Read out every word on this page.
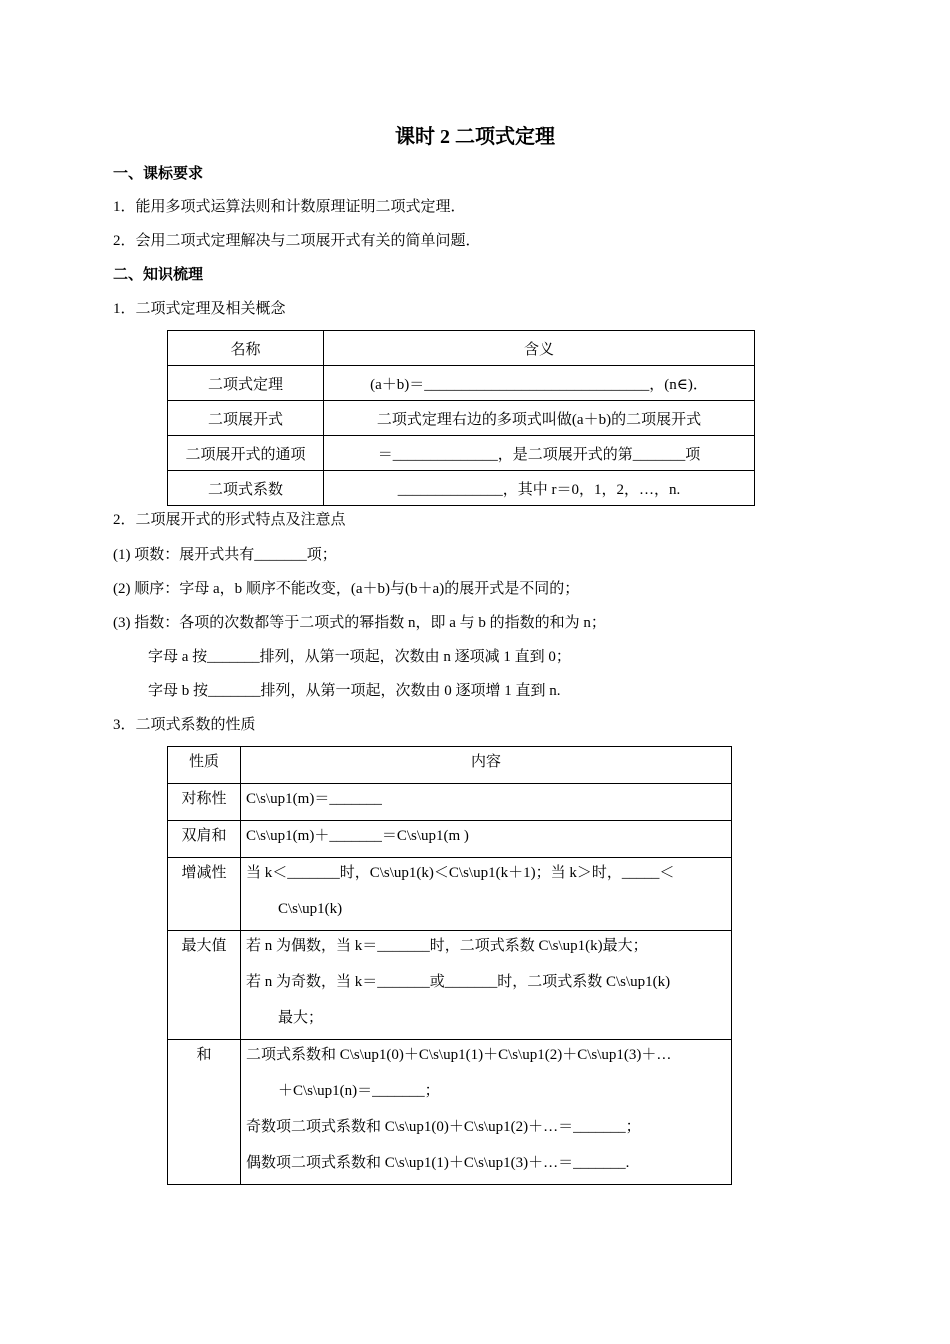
课时 2 二项式定理
一、课标要求
1．能用多项式运算法则和计数原理证明二项式定理．
2．会用二项式定理解决与二项展开式有关的简单问题．
二、知识梳理
1．二项式定理及相关概念
名称	含义
二项式定理	(a＋b)＝______________________________，(n∈)．
二项展开式	二项式定理右边的多项式叫做(a＋b)的二项展开式
二项展开式的通项	＝______________，是二项展开式的第_______项
二项式系数	______________，其中 r＝0，1，2，…，n.
2．二项展开式的形式特点及注意点
(1) 项数：展开式共有_______项；
(2) 顺序：字母 a，b 顺序不能改变，(a＋b)与(b＋a)的展开式是不同的；
(3) 指数：各项的次数都等于二项式的幂指数 n，即 a 与 b 的指数的和为 n；
字母 a 按_______排列，从第一项起，次数由 n 逐项减 1 直到 0；
字母 b 按_______排列，从第一项起，次数由 0 逐项增 1 直到 n.
3．二项式系数的性质
性质	内容

对称性	C\s\up1(m)＝_______

双肩和	C\s\up1(m)＋_______＝C\s\up1(m )

增减性	当 k＜_______时，C\s\up1(k)＜C\s\up1(k＋1)；当 k＞时，_____＜
C\s\up1(k)

最大值	若 n 为偶数，当 k＝_______时，二项式系数 C\s\up1(k)最大；
若 n 为奇数，当 k＝_______或_______时，二项式系数 C\s\up1(k)
最大；

和	二项式系数和 C\s\up1(0)＋C\s\up1(1)＋C\s\up1(2)＋C\s\up1(3)＋…
＋C\s\up1(n)＝_______；
奇数项二项式系数和 C\s\up1(0)＋C\s\up1(2)＋…＝_______；
偶数项二项式系数和 C\s\up1(1)＋C\s\up1(3)＋…＝_______.
